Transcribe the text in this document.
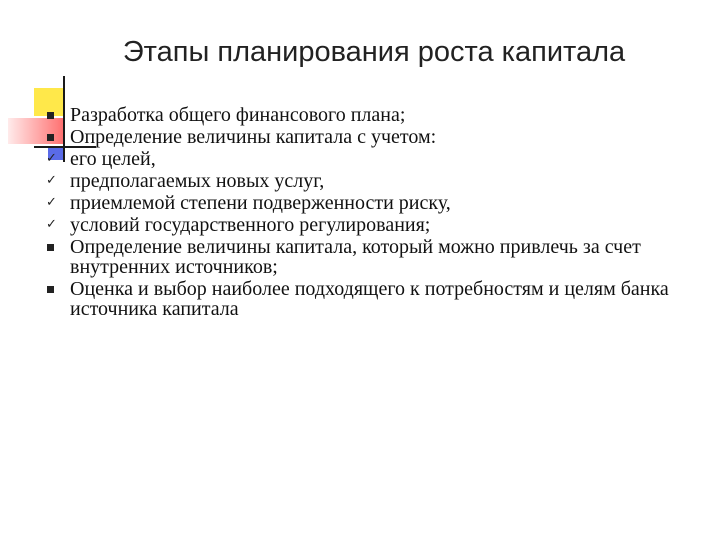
Этапы планирования роста капитала
Разработка общего финансового плана;
Определение величины капитала с учетом:
✓ его целей,
✓ предполагаемых новых услуг,
✓ приемлемой степени подверженности риску,
✓ условий государственного регулирования;
Определение величины капитала, который можно привлечь за счет внутренних источников;
Оценка и выбор наиболее подходящего к потребностям и целям банка источника капитала
